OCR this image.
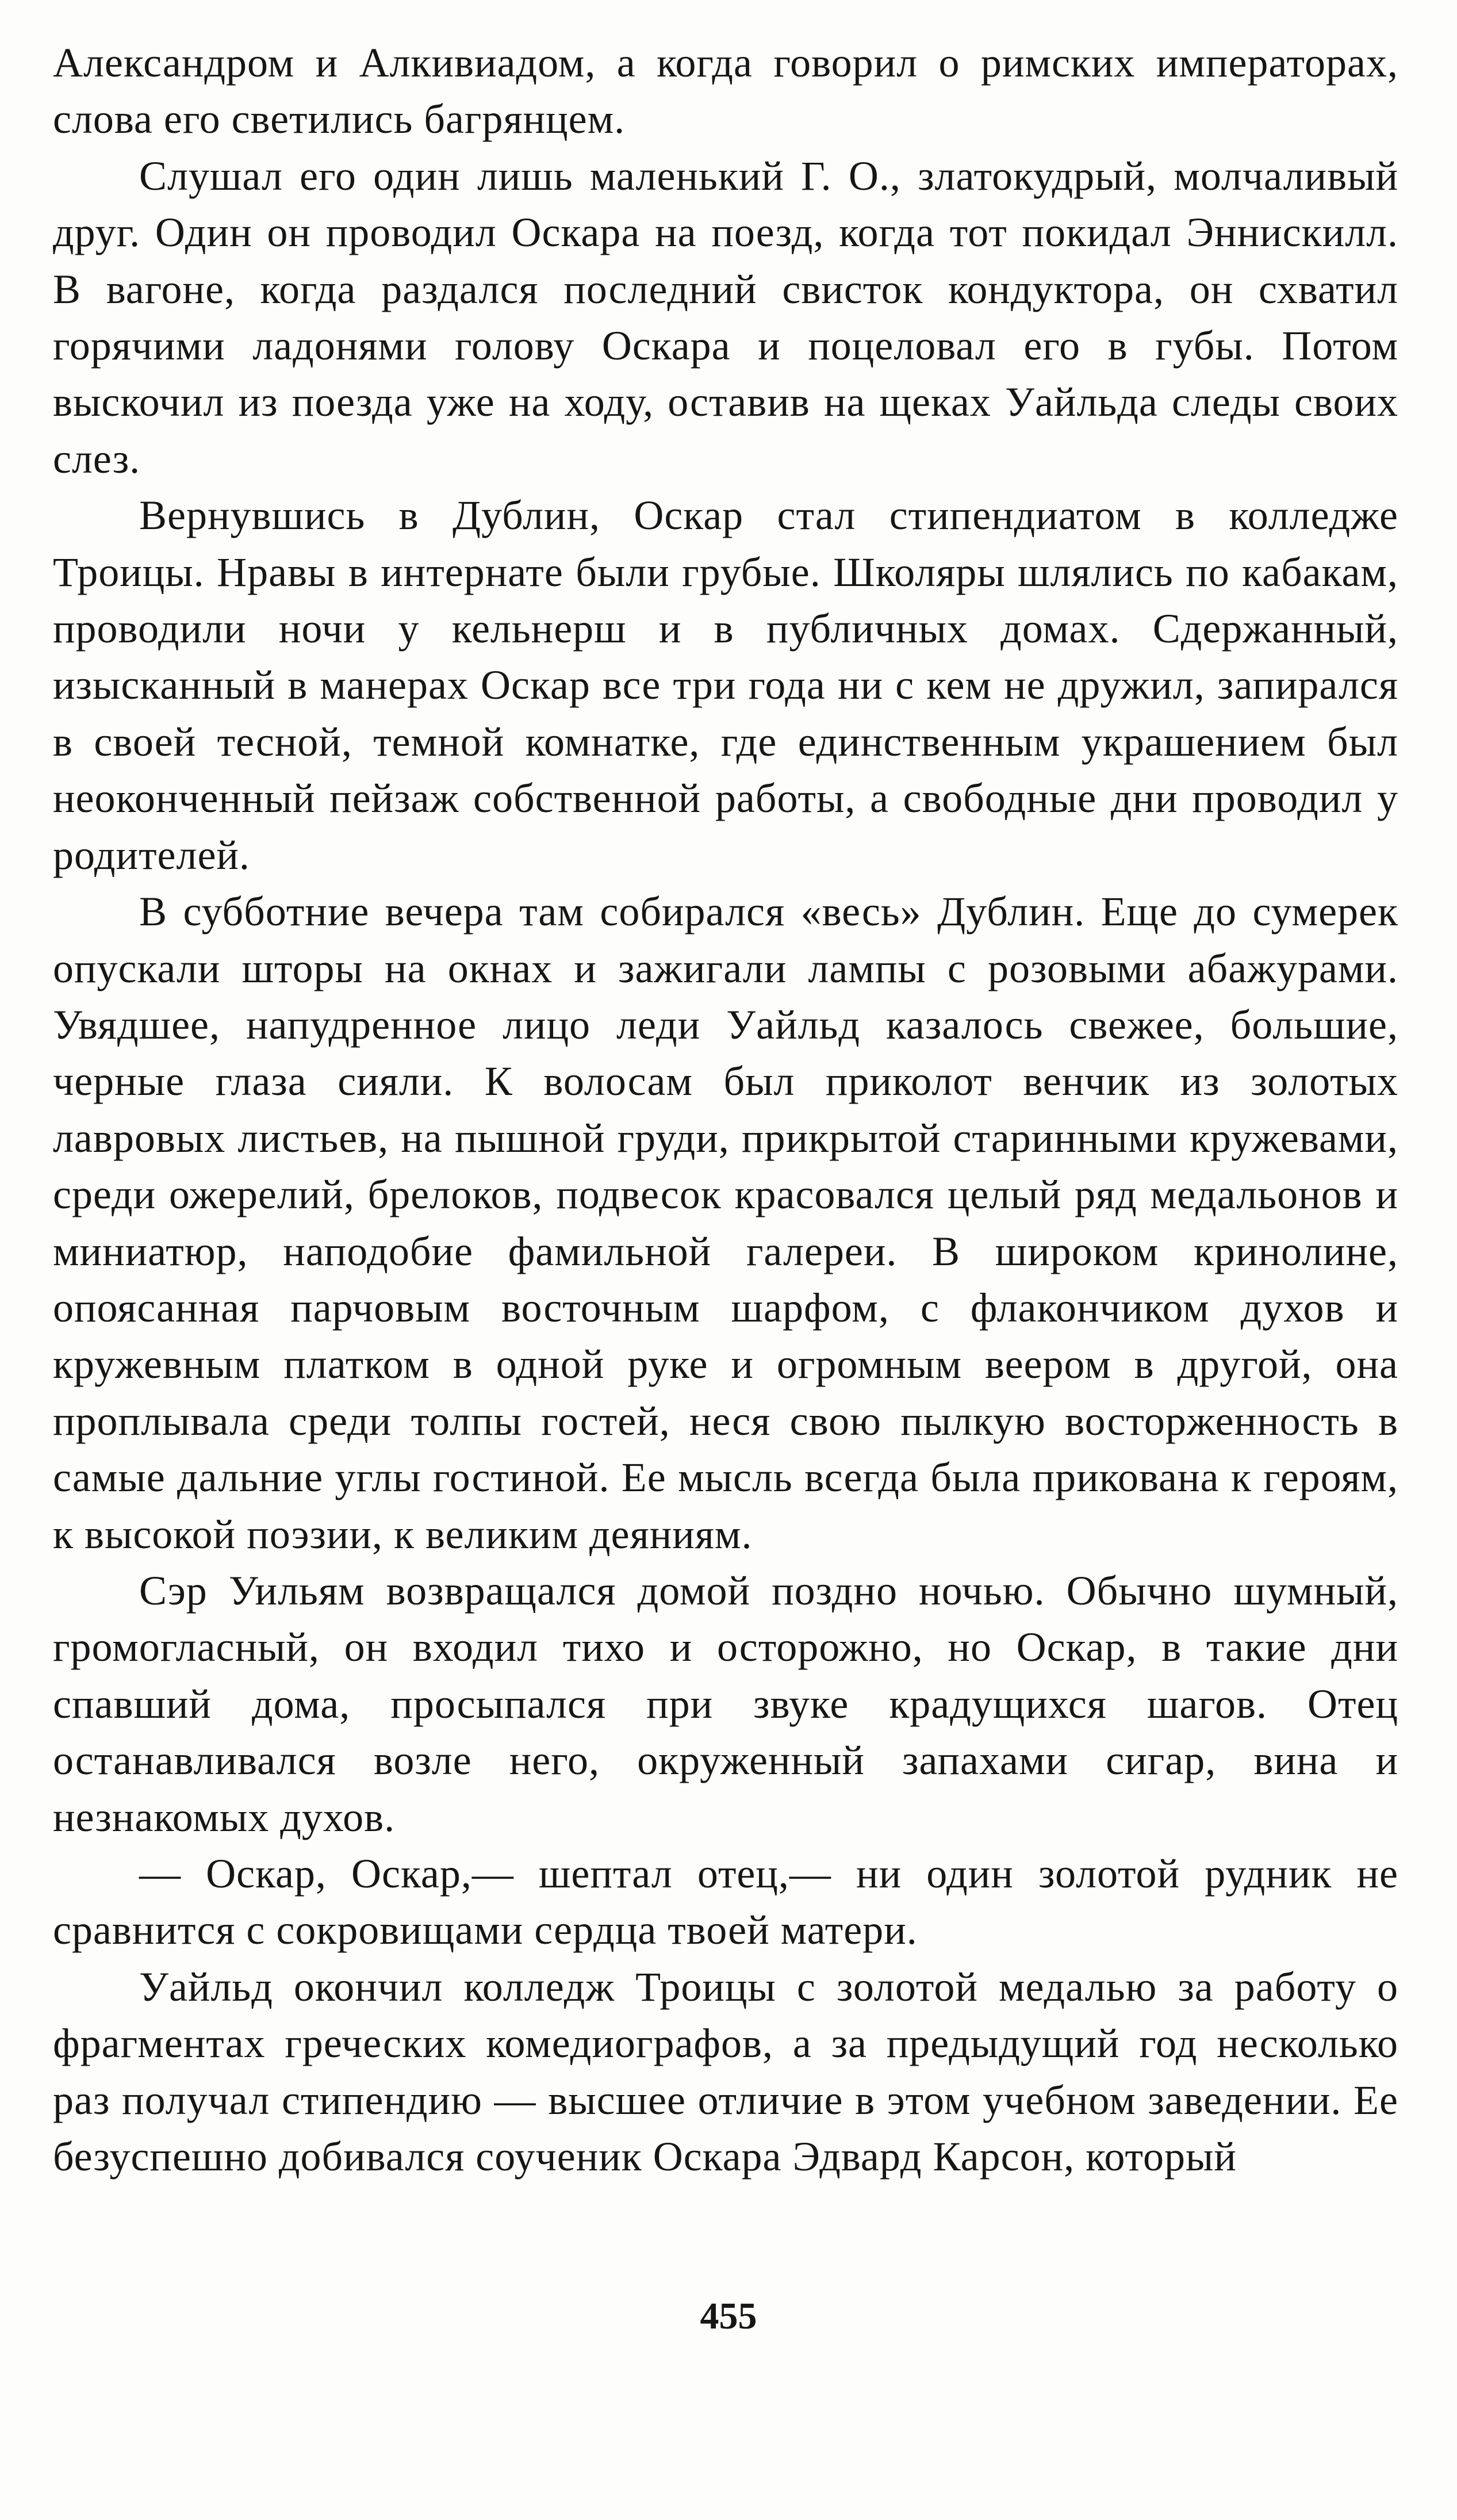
Александром и Алкивиадом, а когда говорил о римских императорах, слова его светились багрянцем.

Слушал его один лишь маленький Г. О., златокудрый, молчаливый друг. Один он проводил Оскара на поезд, когда тот покидал Эннискилл. В вагоне, когда раздался последний свисток кондуктора, он схватил горячими ладонями голову Оскара и поцеловал его в губы. Потом выскочил из поезда уже на ходу, оставив на щеках Уайльда следы своих слез.

Вернувшись в Дублин, Оскар стал стипендиатом в колледже Троицы. Нравы в интернате были грубые. Школяры шлялись по кабакам, проводили ночи у кельнерш и в публичных домах. Сдержанный, изысканный в манерах Оскар все три года ни с кем не дружил, запирался в своей тесной, темной комнатке, где единственным украшением был неоконченный пейзаж собственной работы, а свободные дни проводил у родителей.

В субботние вечера там собирался «весь» Дублин. Еще до сумерек опускали шторы на окнах и зажигали лампы с розовыми абажурами. Увядшее, напудренное лицо леди Уайльд казалось свежее, большие, черные глаза сияли. К волосам был приколот венчик из золотых лавровых листьев, на пышной груди, прикрытой старинными кружевами, среди ожерелий, брелоков, подвесок красовался целый ряд медальонов и миниатюр, наподобие фамильной галереи. В широком кринолине, опоясанная парчовым восточным шарфом, с флакончиком духов и кружевным платком в одной руке и огромным веером в другой, она проплывала среди толпы гостей, неся свою пылкую восторженность в самые дальние углы гостиной. Ее мысль всегда была прикована к героям, к высокой поэзии, к великим деяниям.

Сэр Уильям возвращался домой поздно ночью. Обычно шумный, громогласный, он входил тихо и осторожно, но Оскар, в такие дни спавший дома, просыпался при звуке крадущихся шагов. Отец останавливался возле него, окруженный запахами сигар, вина и незнакомых духов.

— Оскар, Оскар,— шептал отец,— ни один золотой рудник не сравнится с сокровищами сердца твоей матери.

Уайльд окончил колледж Троицы с золотой медалью за работу о фрагментах греческих комедиографов, а за предыдущий год несколько раз получал стипендию — высшее отличие в этом учебном заведении. Ее безуспешно добивался соученик Оскара Эдвард Карсон, который

455
